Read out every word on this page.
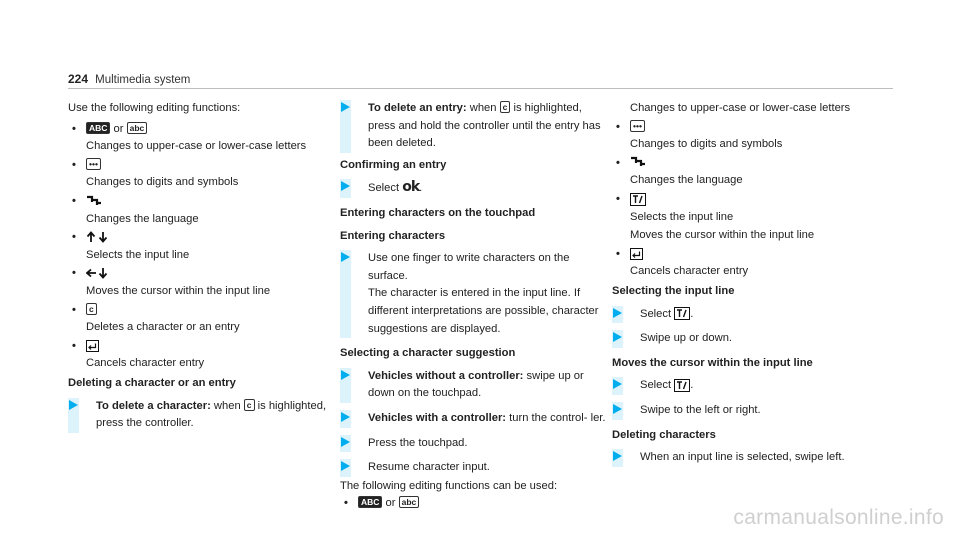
224 Multimedia system
Use the following editing functions:
•	ABC or abc
Changes to upper-case or lower-case letters
•	•••
Changes to digits and symbols
•
Changes the language
•
Selects the input line
•
Moves the cursor within the input line
•	c
Deletes a character or an entry
•
Cancels character entry
Deleting a character or an entry
To delete a character: when c is highlighted, press the controller.
To delete an entry: when c is highlighted, press and hold the controller until the entry has been deleted.
Confirming an entry
Select ok.
Entering characters on the touchpad
Entering characters
Use one finger to write characters on the surface.
The character is entered in the input line. If different interpretations are possible, character suggestions are displayed.
Selecting a character suggestion
Vehicles without a controller: swipe up or down on the touchpad.
Vehicles with a controller: turn the control- ler.
Press the touchpad.
Resume character input.
The following editing functions can be used:
•	ABC or abc
Changes to upper-case or lower-case letters
•	•••
Changes to digits and symbols
•
Changes the language
•
Selects the input line
Moves the cursor within the input line
•
Cancels character entry
Selecting the input line
Select
.
Swipe up or down.
Moves the cursor within the input line
Select
.
Swipe to the left or right.
Deleting characters
When an input line is selected, swipe left.
carmanualsonline.info
